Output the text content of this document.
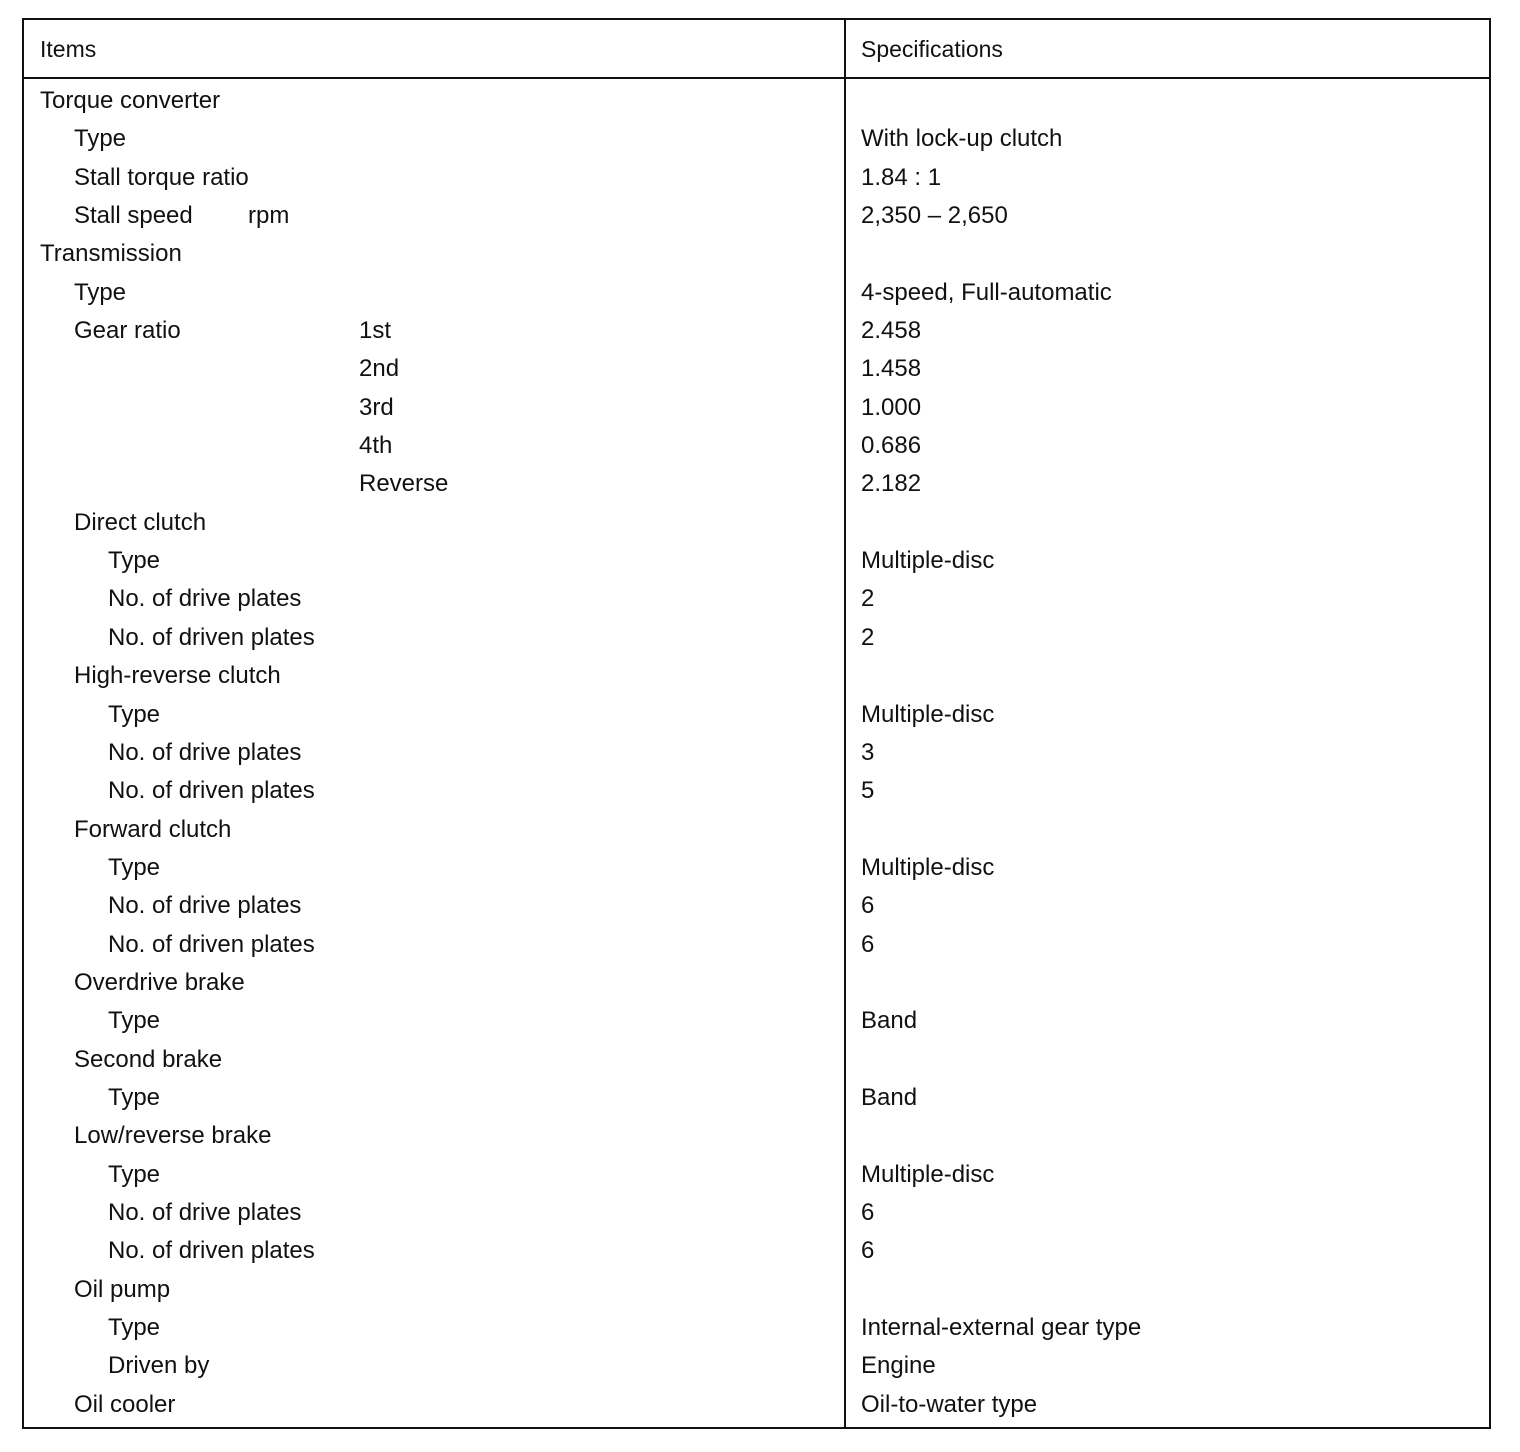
Items	Specifications
Torque converter
Type	With lock-up clutch
Stall torque ratio	1.84 : 1
Stall speed rpm	2,350 – 2,650
Transmission
Type	4-speed, Full-automatic
Gear ratio	1st	2.458
2nd	1.458
3rd	1.000
4th	0.686
Reverse	2.182
Direct clutch
Type	Multiple-disc
No. of drive plates	2
No. of driven plates	2
High-reverse clutch
Type	Multiple-disc
No. of drive plates	3
No. of driven plates	5
Forward clutch
Type	Multiple-disc
No. of drive plates	6
No. of driven plates	6
Overdrive brake
Type	Band
Second brake
Type	Band
Low/reverse brake
Type	Multiple-disc
No. of drive plates	6
No. of driven plates	6
Oil pump
Type	Internal-external gear type
Driven by	Engine
Oil cooler	Oil-to-water type
